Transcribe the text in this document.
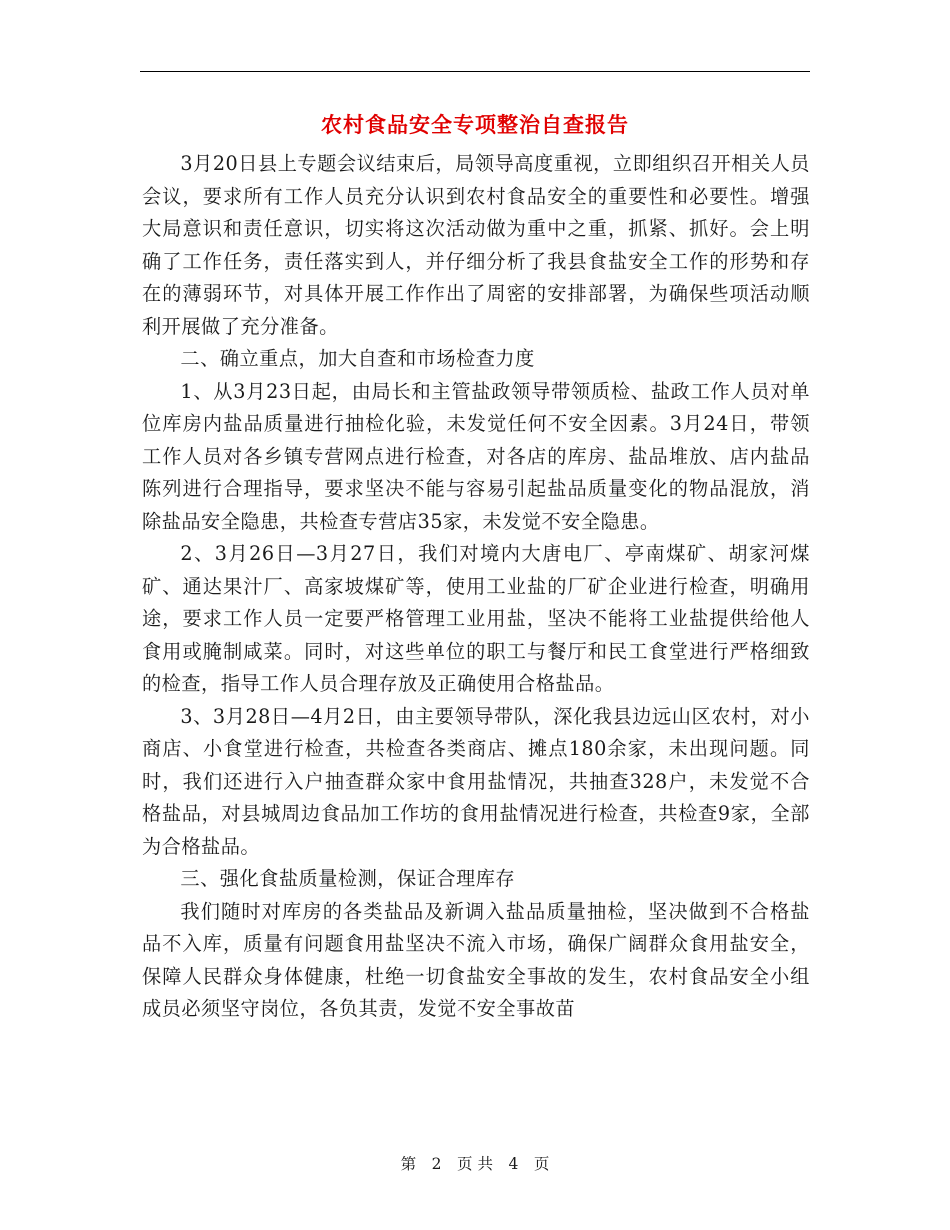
农村食品安全专项整治自查报告

3月20日县上专题会议结束后，局领导高度重视，立即组织召开相关人员会议，要求所有工作人员充分认识到农村食品安全的重要性和必要性。增强大局意识和责任意识，切实将这次活动做为重中之重，抓紧、抓好。会上明确了工作任务，责任落实到人，并仔细分析了我县食盐安全工作的形势和存在的薄弱环节，对具体开展工作作出了周密的安排部署，为确保些项活动顺利开展做了充分准备。

二、确立重点，加大自查和市场检查力度

1、从3月23日起，由局长和主管盐政领导带领质检、盐政工作人员对单位库房内盐品质量进行抽检化验，未发觉任何不安全因素。3月24日，带领工作人员对各乡镇专营网点进行检查，对各店的库房、盐品堆放、店内盐品陈列进行合理指导，要求坚决不能与容易引起盐品质量变化的物品混放，消除盐品安全隐患，共检查专营店35家，未发觉不安全隐患。

2、3月26日—3月27日，我们对境内大唐电厂、亭南煤矿、胡家河煤矿、通达果汁厂、高家坡煤矿等，使用工业盐的厂矿企业进行检查，明确用途，要求工作人员一定要严格管理工业用盐，坚决不能将工业盐提供给他人食用或腌制咸菜。同时，对这些单位的职工与餐厅和民工食堂进行严格细致的检查，指导工作人员合理存放及正确使用合格盐品。

3、3月28日—4月2日，由主要领导带队，深化我县边远山区农村，对小商店、小食堂进行检查，共检查各类商店、摊点180余家，未出现问题。同时，我们还进行入户抽查群众家中食用盐情况，共抽查328户，未发觉不合格盐品，对县城周边食品加工作坊的食用盐情况进行检查，共检查9家，全部为合格盐品。

三、强化食盐质量检测，保证合理库存

我们随时对库房的各类盐品及新调入盐品质量抽检，坚决做到不合格盐品不入库，质量有问题食用盐坚决不流入市场，确保广阔群众食用盐安全，保障人民群众身体健康，杜绝一切食盐安全事故的发生，农村食品安全小组成员必须坚守岗位，各负其责，发觉不安全事故苗

第 2 页 共 4 页
